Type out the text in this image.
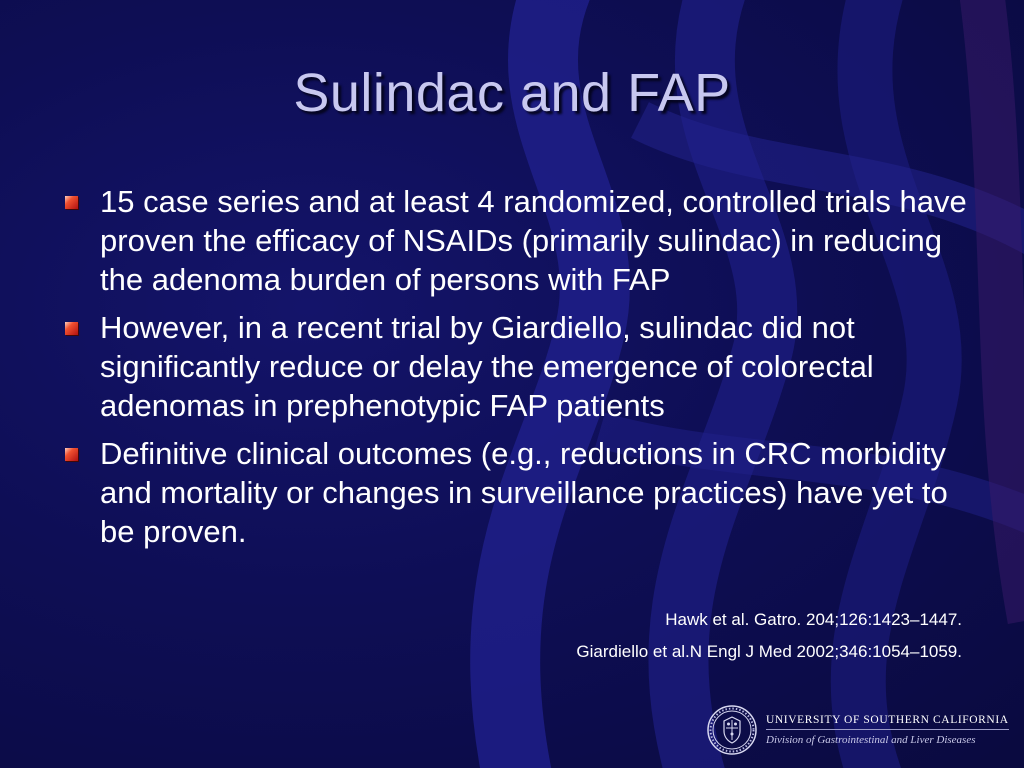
Sulindac and FAP
15 case series and at least 4 randomized, controlled trials have proven the efficacy of NSAIDs (primarily sulindac) in reducing the adenoma burden of persons with FAP
However, in a recent trial by Giardiello, sulindac did not significantly reduce or delay the emergence of colorectal adenomas in prephenotypic FAP patients
Definitive clinical outcomes (e.g., reductions in CRC morbidity and mortality or changes in surveillance practices) have yet to be proven.
Hawk et al. Gatro. 204;126:1423–1447.
Giardiello et al.N Engl J Med 2002;346:1054–1059.
UNIVERSITY OF SOUTHERN CALIFORNIA
Division of Gastrointestinal and Liver Diseases
